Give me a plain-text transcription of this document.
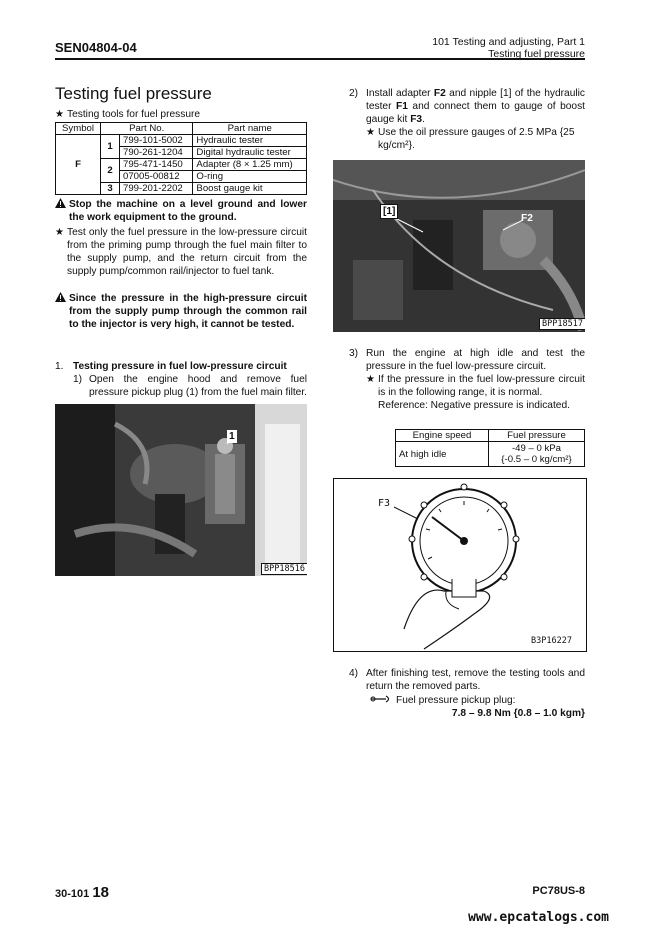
SEN04804-04	101 Testing and adjusting, Part 1
Testing fuel pressure
Testing fuel pressure
★ Testing tools for fuel pressure
Symbol	Part No.		Part name
F	1	799-101-5002	Hydraulic tester
		790-261-1204	Digital hydraulic tester
	2	795-471-1450	Adapter (8 × 1.25 mm)
		07005-00812	O-ring
	3	799-201-2202	Boost gauge kit
Stop the machine on a level ground and lower the work equipment to the ground.
★ Test only the fuel pressure in the low-pressure circuit from the priming pump through the fuel main filter to the supply pump, and the return circuit from the supply pump/common rail/injector to fuel tank.
Since the pressure in the high-pressure circuit from the supply pump through the common rail to the injector is very high, it cannot be tested.
1. Testing pressure in fuel low-pressure circuit
1) Open the engine hood and remove fuel pressure pickup plug (1) from the fuel main filter.
1
BPP18516
2) Install adapter F2 and nipple [1] of the hydraulic tester F1 and connect them to gauge of boost gauge kit F3.
★ Use the oil pressure gauges of 2.5 MPa {25 kg/cm²}.
[1]
F2
BPP18517
3) Run the engine at high idle and test the pressure in the fuel low-pressure circuit.
★ If the pressure in the fuel low-pressure circuit is in the following range, it is normal.
Reference: Negative pressure is indicated.
Engine speed	Fuel pressure
At high idle	-49 – 0 kPa
{-0.5 – 0 kg/cm²}
F3
B3P16227
4) After finishing test, remove the testing tools and return the removed parts.
Fuel pressure pickup plug:
7.8 – 9.8 Nm {0.8 – 1.0 kgm}
30-101 18	PC78US-8
www.epcatalogs.com
